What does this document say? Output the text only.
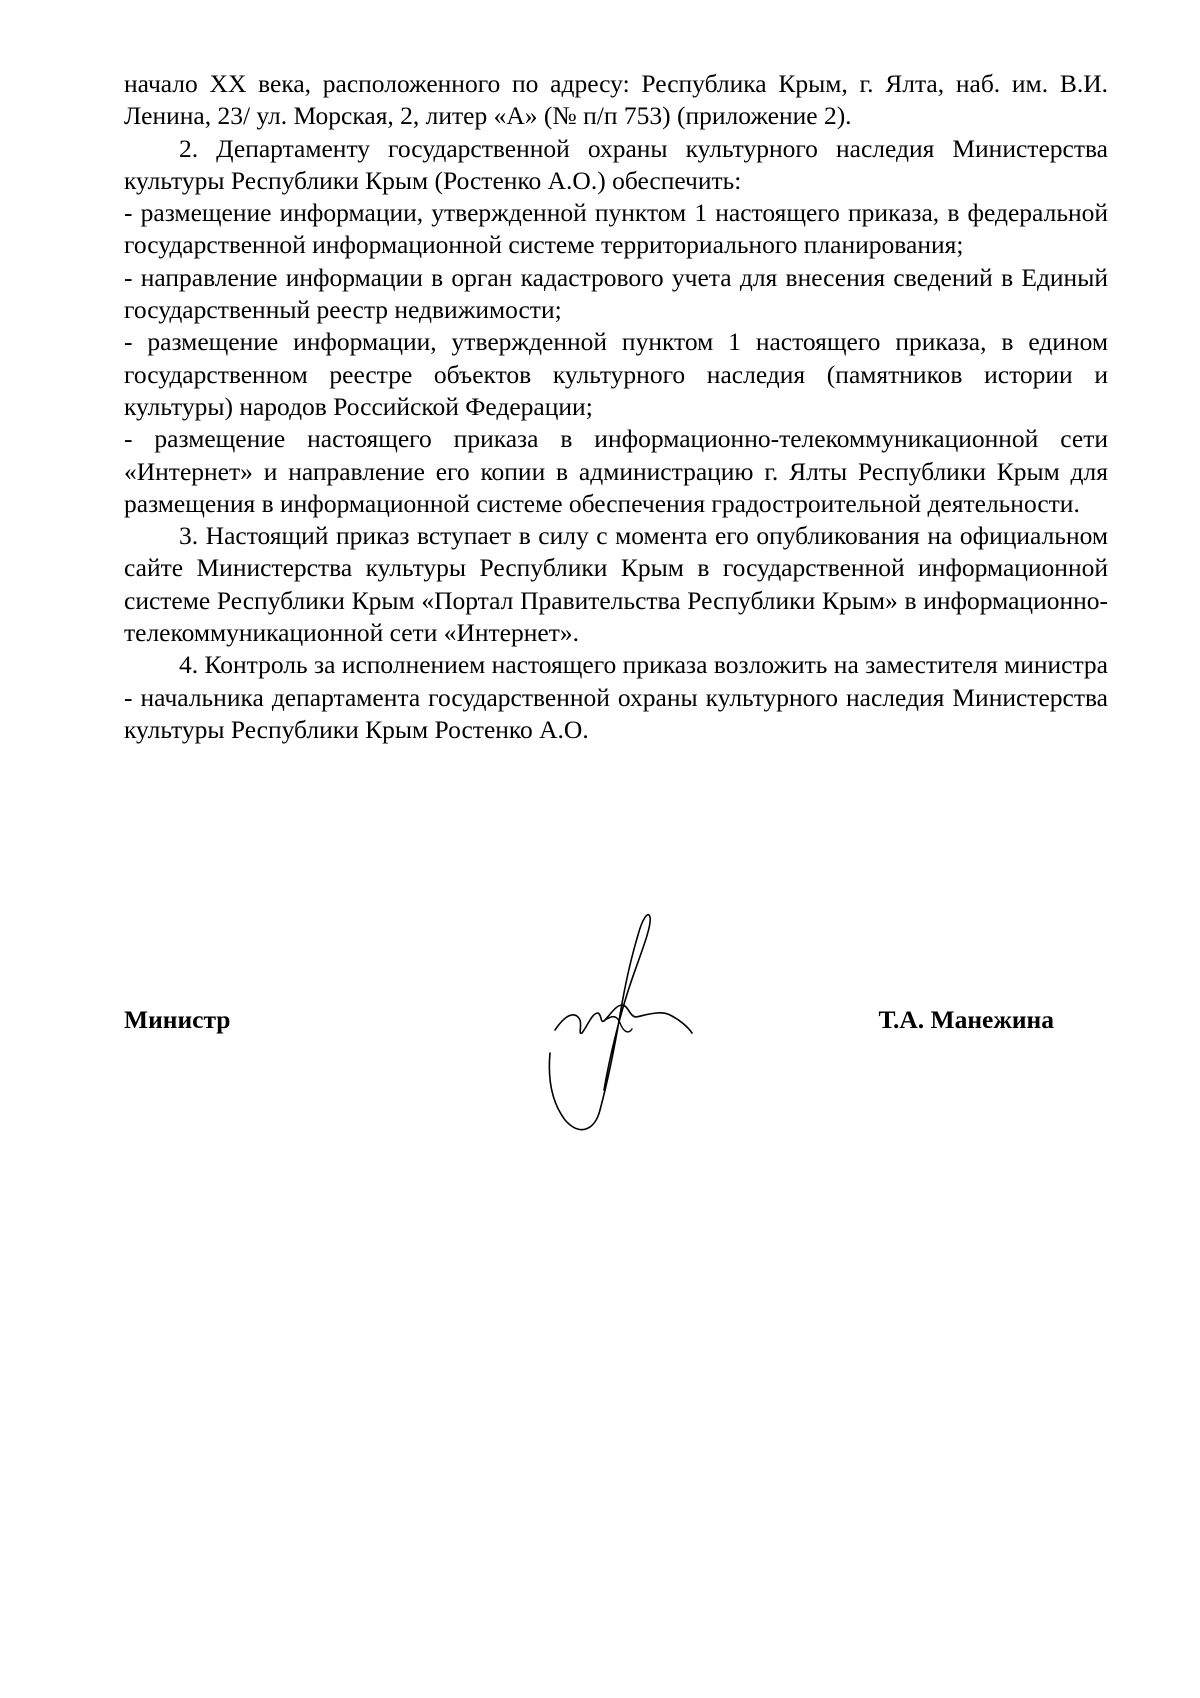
начало XX века, расположенного по адресу: Республика Крым, г. Ялта, наб. им. В.И. Ленина, 23/ ул. Морская, 2, литер «А» (№ п/п 753) (приложение 2).

2. Департаменту государственной охраны культурного наследия Министерства культуры Республики Крым (Ростенко А.О.) обеспечить:

- размещение информации, утвержденной пунктом 1 настоящего приказа, в федеральной государственной информационной системе территориального планирования;

- направление информации в орган кадастрового учета для внесения сведений в Единый государственный реестр недвижимости;

- размещение информации, утвержденной пунктом 1 настоящего приказа, в едином государственном реестре объектов культурного наследия (памятников истории и культуры) народов Российской Федерации;

- размещение настоящего приказа в информационно-телекоммуникационной сети «Интернет» и направление его копии в администрацию г. Ялты Республики Крым для размещения в информационной системе обеспечения градостроительной деятельности.

3. Настоящий приказ вступает в силу с момента его опубликования на официальном сайте Министерства культуры Республики Крым в государственной информационной системе Республики Крым «Портал Правительства Республики Крым» в информационно-телекоммуникационной сети «Интернет».

4. Контроль за исполнением настоящего приказа возложить на заместителя министра - начальника департамента государственной охраны культурного наследия Министерства культуры Республики Крым Ростенко А.О.

Министр	Т.А. Манежина
